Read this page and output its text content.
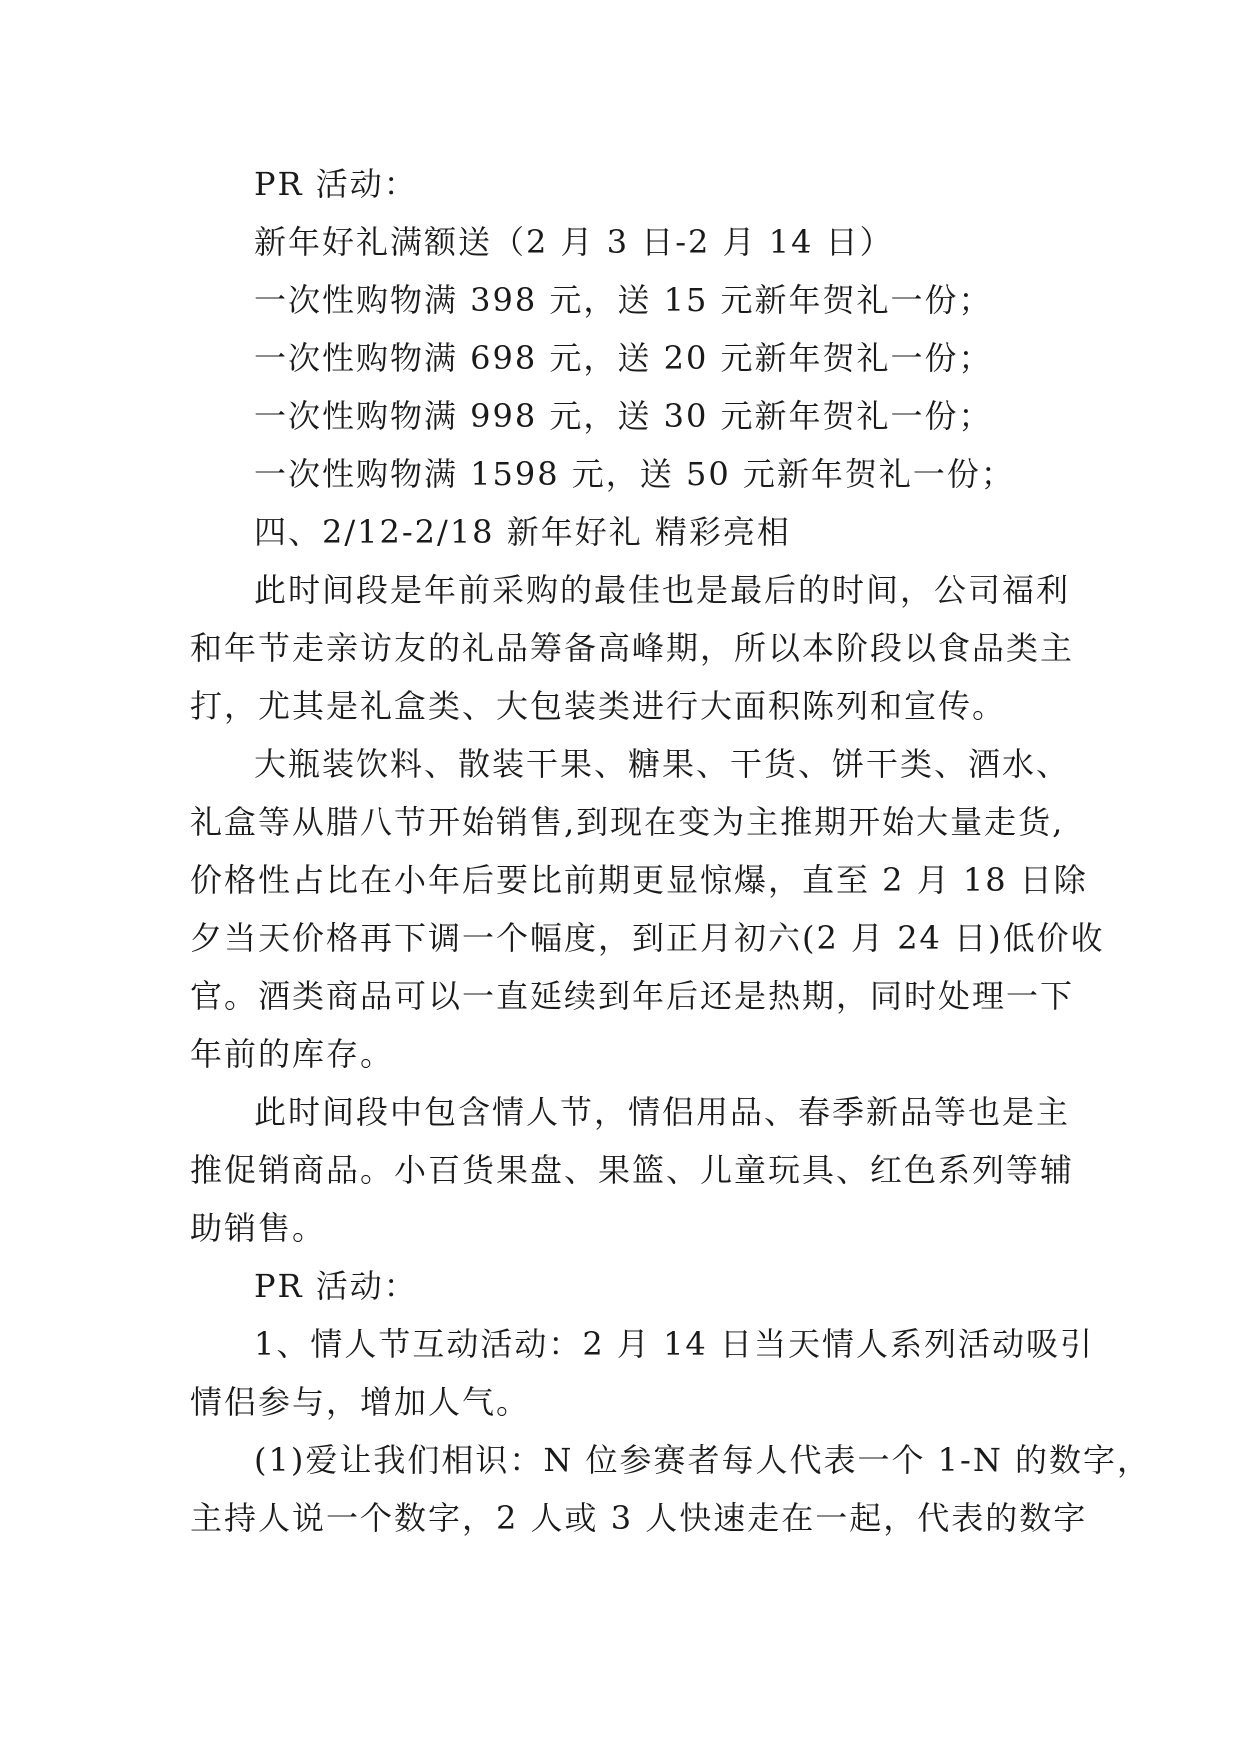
PR 活动：
新年好礼满额送（2 月 3 日-2 月 14 日）
一次性购物满 398 元，送 15 元新年贺礼一份；
一次性购物满 698 元，送 20 元新年贺礼一份；
一次性购物满 998 元，送 30 元新年贺礼一份；
一次性购物满 1598 元，送 50 元新年贺礼一份；
四、2/12-2/18 新年好礼 精彩亮相
此时间段是年前采购的最佳也是最后的时间，公司福利
和年节走亲访友的礼品筹备高峰期，所以本阶段以食品类主
打，尤其是礼盒类、大包装类进行大面积陈列和宣传。
大瓶装饮料、散装干果、糖果、干货、饼干类、酒水、
礼盒等从腊八节开始销售,到现在变为主推期开始大量走货,
价格性占比在小年后要比前期更显惊爆，直至 2 月 18 日除
夕当天价格再下调一个幅度，到正月初六(2 月 24 日)低价收
官。酒类商品可以一直延续到年后还是热期，同时处理一下
年前的库存。
此时间段中包含情人节，情侣用品、春季新品等也是主
推促销商品。小百货果盘、果篮、儿童玩具、红色系列等辅
助销售。
PR 活动：
1、情人节互动活动：2 月 14 日当天情人系列活动吸引
情侣参与，增加人气。
(1)爱让我们相识：N 位参赛者每人代表一个 1-N 的数字，
主持人说一个数字，2 人或 3 人快速走在一起，代表的数字
